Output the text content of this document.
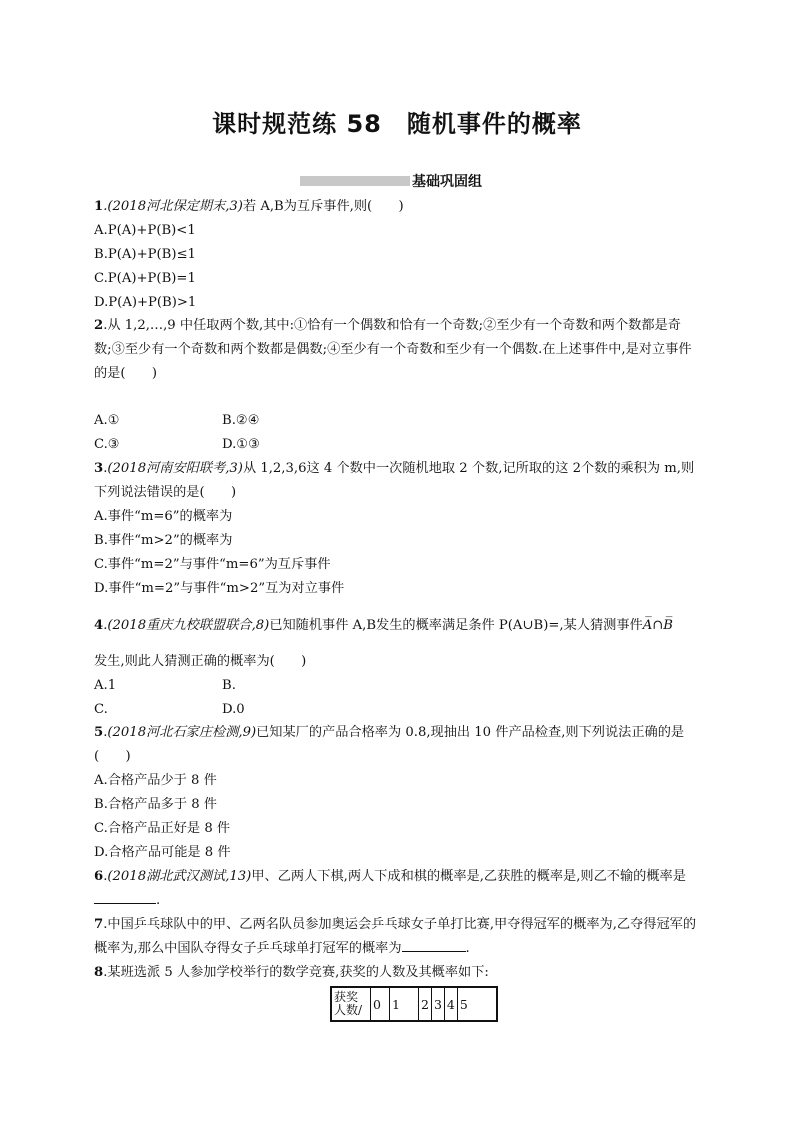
课时规范练 58　随机事件的概率
基础巩固组
1.(2018河北保定期末,3)若 A,B为互斥事件,则(　　)
A.P(A)+P(B)<1
B.P(A)+P(B)≤1
C.P(A)+P(B)=1
D.P(A)+P(B)>1
2.从 1,2,…,9 中任取两个数,其中:①恰有一个偶数和恰有一个奇数;②至少有一个奇数和两个数都是奇数;③至少有一个奇数和两个数都是偶数;④至少有一个奇数和至少有一个偶数.在上述事件中,是对立事件的是(　　)
A.①	B.②④
C.③	D.①③
3.(2018河南安阳联考,3)从 1,2,3,6这 4 个数中一次随机地取 2 个数,记所取的这 2个数的乘积为 m,则下列说法错误的是(　　)
A.事件“m=6”的概率为
B.事件“m>2”的概率为
C.事件“m=2”与事件“m=6”为互斥事件
D.事件“m=2”与事件“m>2”互为对立事件
4.(2018重庆九校联盟联合,8)已知随机事件 A,B发生的概率满足条件 P(A∪B)=,某人猜测事件A̅∩B̅
发生,则此人猜测正确的概率为(　　)
A.1	B.
C.	D.0
5.(2018河北石家庄检测,9)已知某厂的产品合格率为 0.8,现抽出 10 件产品检查,则下列说法正确的是(　　)
A.合格产品少于 8 件
B.合格产品多于 8 件
C.合格产品正好是 8 件
D.合格产品可能是 8 件
6.(2018湖北武汉测试,13)甲、乙两人下棋,两人下成和棋的概率是,乙获胜的概率是,则乙不输的概率是.
7.中国乒乓球队中的甲、乙两名队员参加奥运会乒乓球女子单打比赛,甲夺得冠军的概率为,乙夺得冠军的概率为,那么中国队夺得女子乒乓球单打冠军的概率为	.
8.某班选派 5 人参加学校举行的数学竞赛,获奖的人数及其概率如下:
获奖人数/	0	1	2	3	4	5
